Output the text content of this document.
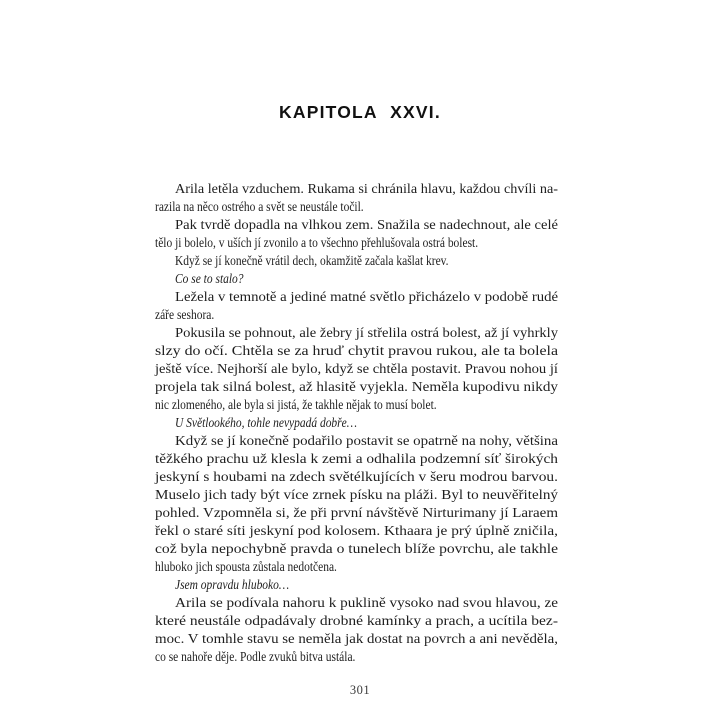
KAPITOLA XXVI.
Arila letěla vzduchem. Rukama si chránila hlavu, každou chvíli na-
razila na něco ostrého a svět se neustále točil.
Pak tvrdě dopadla na vlhkou zem. Snažila se nadechnout, ale celé
tělo ji bolelo, v uších jí zvonilo a to všechno přehlušovala ostrá bolest.
Když se jí konečně vrátil dech, okamžitě začala kašlat krev.
Co se to stalo?
Ležela v temnotě a jediné matné světlo přicházelo v podobě rudé
záře seshora.
Pokusila se pohnout, ale žebry jí střelila ostrá bolest, až jí vyhrkly
slzy do očí. Chtěla se za hruď chytit pravou rukou, ale ta bolela
ještě více. Nejhorší ale bylo, když se chtěla postavit. Pravou nohou jí
projela tak silná bolest, až hlasitě vyjekla. Neměla kupodivu nikdy
nic zlomeného, ale byla si jistá, že takhle nějak to musí bolet.
U Světlookého, tohle nevypadá dobře…
Když se jí konečně podařilo postavit se opatrně na nohy, většina
těžkého prachu už klesla k zemi a odhalila podzemní síť širokých
jeskyní s houbami na zdech světélkujících v šeru modrou barvou.
Muselo jich tady být více zrnek písku na pláži. Byl to neuvěřitelný
pohled. Vzpomněla si, že při první návštěvě Nirturimany jí Laraem
řekl o staré síti jeskyní pod kolosem. Kthaara je prý úplně zničila,
což byla nepochybně pravda o tunelech blíže povrchu, ale takhle
hluboko jich spousta zůstala nedotčena.
Jsem opravdu hluboko…
Arila se podívala nahoru k puklině vysoko nad svou hlavou, ze
které neustále odpadávaly drobné kamínky a prach, a ucítila bez-
moc. V tomhle stavu se neměla jak dostat na povrch a ani nevěděla,
co se nahoře děje. Podle zvuků bitva ustála.
301
